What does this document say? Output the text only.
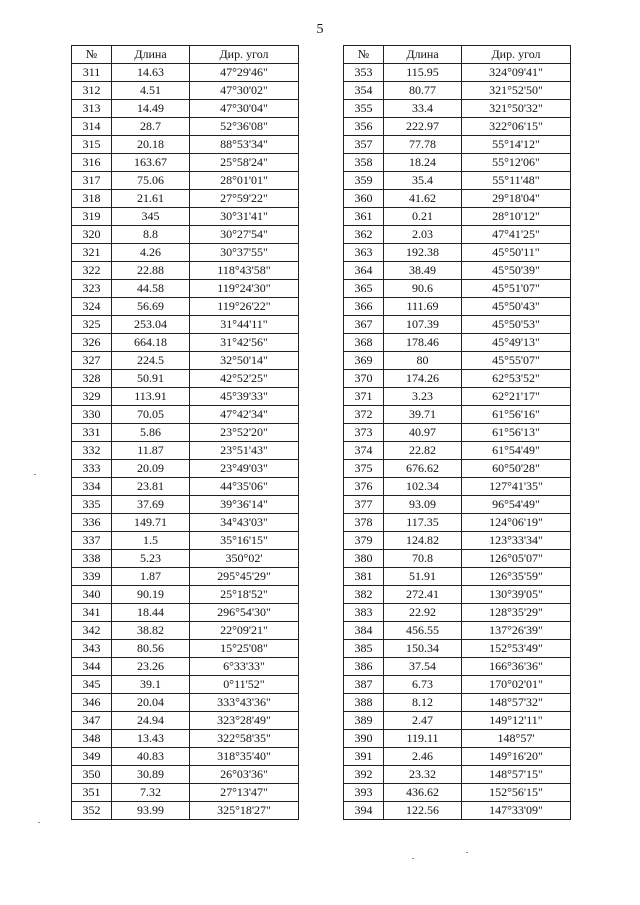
5
№	Длина	Дир. угол
311	14.63	47°29'46"
312	4.51	47°30'02"
313	14.49	47°30'04"
314	28.7	52°36'08"
315	20.18	88°53'34"
316	163.67	25°58'24"
317	75.06	28°01'01"
318	21.61	27°59'22"
319	345	30°31'41"
320	8.8	30°27'54"
321	4.26	30°37'55"
322	22.88	118°43'58"
323	44.58	119°24'30"
324	56.69	119°26'22"
325	253.04	31°44'11"
326	664.18	31°42'56"
327	224.5	32°50'14"
328	50.91	42°52'25"
329	113.91	45°39'33"
330	70.05	47°42'34"
331	5.86	23°52'20"
332	11.87	23°51'43"
333	20.09	23°49'03"
334	23.81	44°35'06"
335	37.69	39°36'14"
336	149.71	34°43'03"
337	1.5	35°16'15"
338	5.23	350°02'
339	1.87	295°45'29"
340	90.19	25°18'52"
341	18.44	296°54'30"
342	38.82	22°09'21"
343	80.56	15°25'08"
344	23.26	6°33'33"
345	39.1	0°11'52"
346	20.04	333°43'36"
347	24.94	323°28'49"
348	13.43	322°58'35"
349	40.83	318°35'40"
350	30.89	26°03'36"
351	7.32	27°13'47"
352	93.99	325°18'27"
№	Длина	Дир. угол
353	115.95	324°09'41"
354	80.77	321°52'50"
355	33.4	321°50'32"
356	222.97	322°06'15"
357	77.78	55°14'12"
358	18.24	55°12'06"
359	35.4	55°11'48"
360	41.62	29°18'04"
361	0.21	28°10'12"
362	2.03	47°41'25"
363	192.38	45°50'11"
364	38.49	45°50'39"
365	90.6	45°51'07"
366	111.69	45°50'43"
367	107.39	45°50'53"
368	178.46	45°49'13"
369	80	45°55'07"
370	174.26	62°53'52"
371	3.23	62°21'17"
372	39.71	61°56'16"
373	40.97	61°56'13"
374	22.82	61°54'49"
375	676.62	60°50'28"
376	102.34	127°41'35"
377	93.09	96°54'49"
378	117.35	124°06'19"
379	124.82	123°33'34"
380	70.8	126°05'07"
381	51.91	126°35'59"
382	272.41	130°39'05"
383	22.92	128°35'29"
384	456.55	137°26'39"
385	150.34	152°53'49"
386	37.54	166°36'36"
387	6.73	170°02'01"
388	8.12	148°57'32"
389	2.47	149°12'11"
390	119.11	148°57'
391	2.46	149°16'20"
392	23.32	148°57'15"
393	436.62	152°56'15"
394	122.56	147°33'09"
